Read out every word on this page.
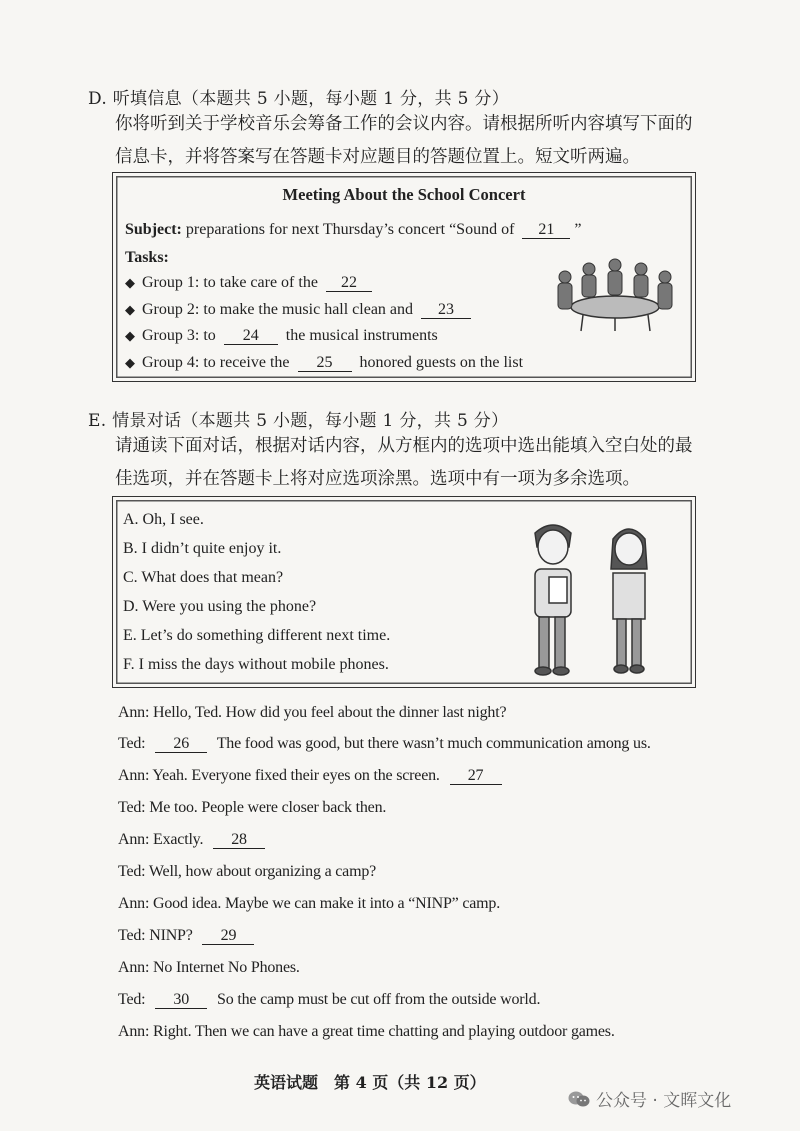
D. 听填信息（本题共 5 小题，每小题 1 分，共 5 分）
你将听到关于学校音乐会筹备工作的会议内容。请根据所听内容填写下面的
信息卡，并将答案写在答题卡对应题目的答题位置上。短文听两遍。
Meeting About the School Concert
Subject: preparations for next Thursday’s concert “Sound of 21 ”
Tasks:
◆ Group 1: to take care of the 22
◆ Group 2: to make the music hall clean and 23
◆ Group 3: to 24 the musical instruments
◆ Group 4: to receive the 25 honored guests on the list
E. 情景对话（本题共 5 小题，每小题 1 分，共 5 分）
请通读下面对话，根据对话内容，从方框内的选项中选出能填入空白处的最
佳选项，并在答题卡上将对应选项涂黑。选项中有一项为多余选项。
A. Oh, I see.
B. I didn’t quite enjoy it.
C. What does that mean?
D. Were you using the phone?
E. Let’s do something different next time.
F. I miss the days without mobile phones.
Ann: Hello, Ted. How did you feel about the dinner last night?
Ted: 26 The food was good, but there wasn’t much communication among us.
Ann: Yeah. Everyone fixed their eyes on the screen. 27
Ted: Me too. People were closer back then.
Ann: Exactly. 28
Ted: Well, how about organizing a camp?
Ann: Good idea. Maybe we can make it into a “NINP” camp.
Ted: NINP? 29
Ann: No Internet No Phones.
Ted: 30 So the camp must be cut off from the outside world.
Ann: Right. Then we can have a great time chatting and playing outdoor games.
英语试题　第 4 页（共 12 页）
公众号 · 文晖文化
